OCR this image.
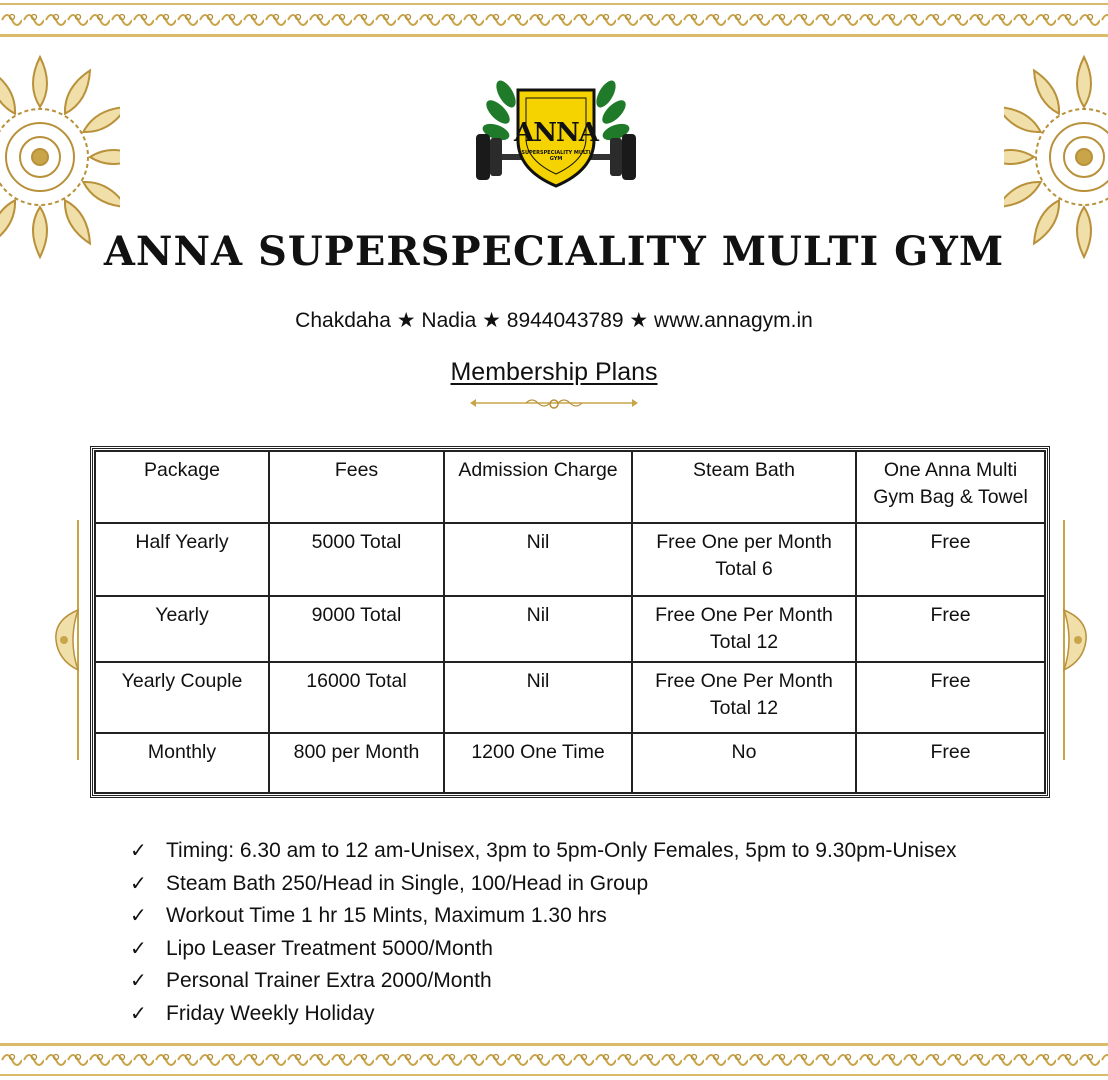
ANNA
SUPERSPECIALITY MULTI GYM
ANNA SUPERSPECIALITY MULTI GYM
Chakdaha ★ Nadia ★ 8944043789 ★ www.annagym.in
Membership Plans
Package	Fees	Admission Charge	Steam Bath	One Anna Multi Gym Bag & Towel
Half Yearly	5000 Total	Nil	Free One per Month Total 6	Free
Yearly	9000 Total	Nil	Free One Per Month Total 12	Free
Yearly Couple	16000 Total	Nil	Free One Per Month Total 12	Free
Monthly	800 per Month	1200 One Time	No	Free
✓ Timing: 6.30 am to 12 am-Unisex, 3pm to 5pm-Only Females, 5pm to 9.30pm-Unisex
✓ Steam Bath 250/Head in Single, 100/Head in Group
✓ Workout Time 1 hr 15 Mints, Maximum 1.30 hrs
✓ Lipo Leaser Treatment 5000/Month
✓ Personal Trainer Extra 2000/Month
✓ Friday Weekly Holiday
